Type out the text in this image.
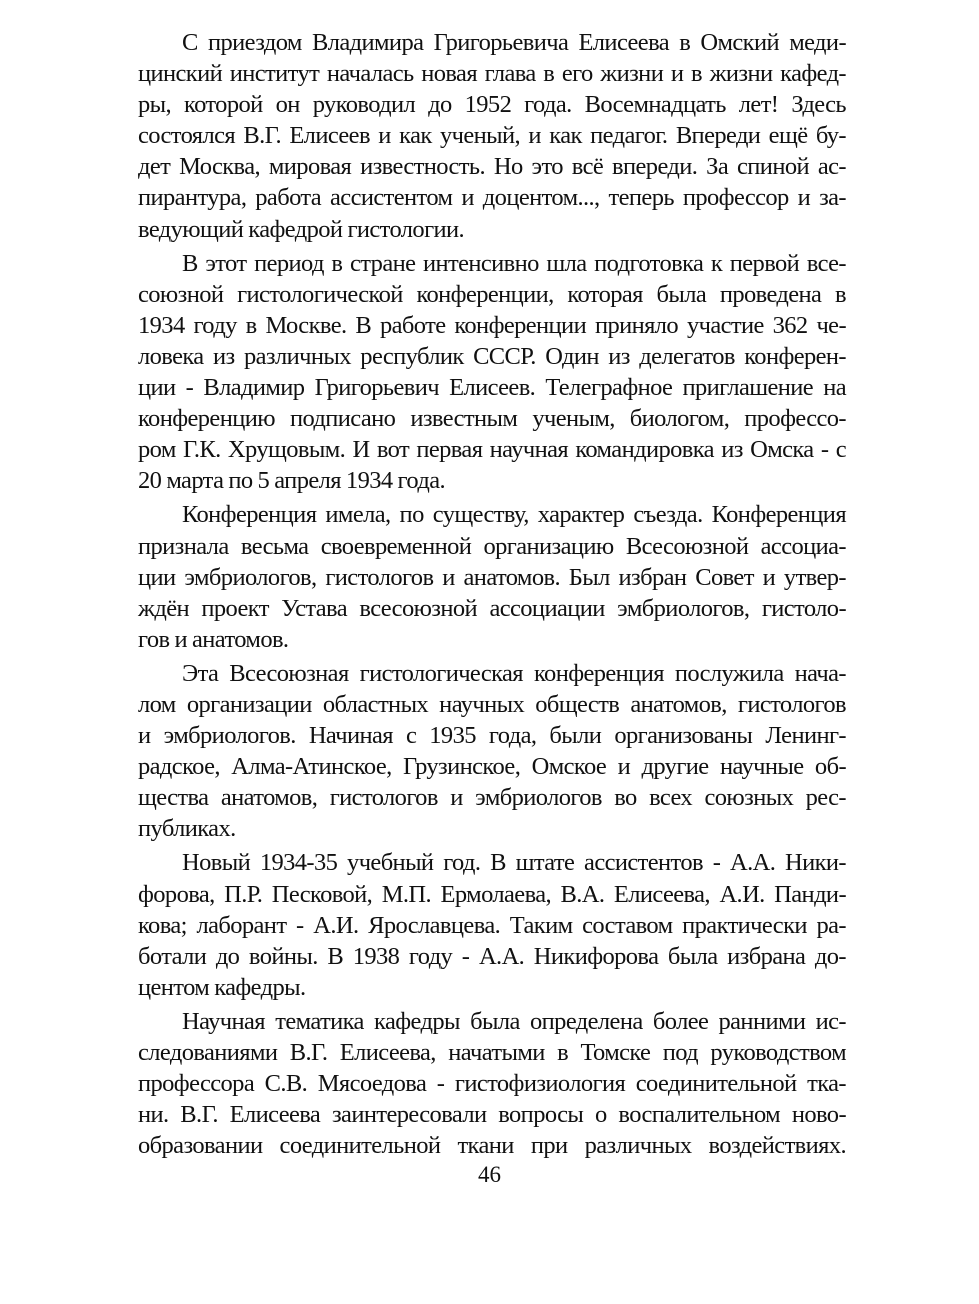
С приездом Владимира Григорьевича Елисеева в Омский меди-
цинский институт началась новая глава в его жизни и в жизни кафед-
ры, которой он руководил до 1952 года. Восемнадцать лет! Здесь
состоялся В.Г. Елисеев и как ученый, и как педагог. Впереди ещё бу-
дет Москва, мировая известность. Но это всё впереди. За спиной ас-
пирантура, работа ассистентом и доцентом..., теперь профессор и за-
ведующий кафедрой гистологии.
В этот период в стране интенсивно шла подготовка к первой все-
союзной гистологической конференции, которая была проведена в
1934 году в Москве. В работе конференции приняло участие 362 че-
ловека из различных республик СССР. Один из делегатов конферен-
ции - Владимир Григорьевич Елисеев. Телеграфное приглашение на
конференцию подписано известным ученым, биологом, профессо-
ром Г.К. Хрущовым. И вот первая научная командировка из Омска - с
20 марта по 5 апреля 1934 года.
Конференция имела, по существу, характер съезда. Конференция
признала весьма своевременной организацию Всесоюзной ассоциа-
ции эмбриологов, гистологов и анатомов. Был избран Совет и утвер-
ждён проект Устава всесоюзной ассоциации эмбриологов, гистоло-
гов и анатомов.
Эта Всесоюзная гистологическая конференция послужила нача-
лом организации областных научных обществ анатомов, гистологов
и эмбриологов. Начиная с 1935 года, были организованы Ленинг-
радское, Алма-Атинское, Грузинское, Омское и другие научные об-
щества анатомов, гистологов и эмбриологов во всех союзных рес-
публиках.
Новый 1934-35 учебный год. В штате ассистентов - А.А. Ники-
форова, П.Р. Песковой, М.П. Ермолаева, В.А. Елисеева, А.И. Панди-
кова; лаборант - А.И. Ярославцева. Таким составом практически ра-
ботали до войны. В 1938 году - А.А. Никифорова была избрана до-
центом кафедры.
Научная тематика кафедры была определена более ранними ис-
следованиями В.Г. Елисеева, начатыми в Томске под руководством
профессора С.В. Мясоедова - гистофизиология соединительной тка-
ни. В.Г. Елисеева заинтересовали вопросы о воспалительном ново-
образовании соединительной ткани при различных воздействиях.
46
